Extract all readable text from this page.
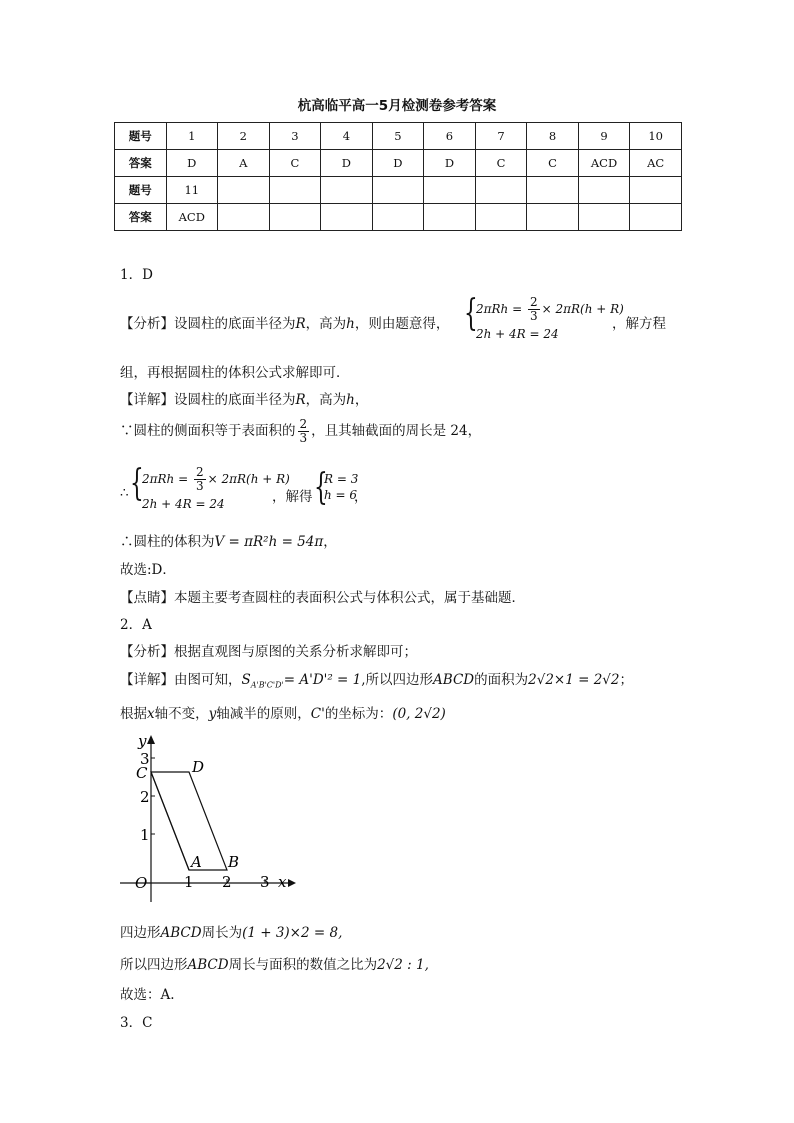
杭高临平高一5月检测卷参考答案
题号	1	2	3	4	5	6	7	8	9	10
答案	D	A	C	D	D	D	C	C	ACD	AC
题号	11									
答案	ACD									
1．D
【分析】设圆柱的底面半径为R，高为h，则由题意得， {
$2\pi Rh = \frac{2}{3} \times 2\pi R(h + R)$
2h + 4R = 24
，解方程
组，再根据圆柱的体积公式求解即可．
【详解】设圆柱的底面半径为R，高为h，
∵圆柱的侧面积等于表面积的 $\frac{2}{3}$ ，且其轴截面的周长是 24，
∴ {
$2\pi Rh = \frac{2}{3} \times 2\pi R(h + R)$
2h + 4R = 24	，解得 {
R = 3
h = 6
，
∴圆柱的体积为V = πR²h = 54π，
故选:D．
【点睛】本题主要考查圆柱的表面积公式与体积公式，属于基础题．
2．A
【分析】根据直观图与原图的关系分析求解即可；
【详解】由图可知，$S_{A'B'C'D'}= A'D'^2 = 1$,所以四边形ABCD的面积为2√2×1 = 2√2；
根据x轴不变，y轴减半的原则，C'的坐标为：(0, 2√2)
y
x
O 1 2 3
1
2
3
C	D
A B
四边形ABCD周长为(1 + 3)×2 = 8,
所以四边形ABCD周长与面积的数值之比为2√2 : 1,
故选：A.
3．C
